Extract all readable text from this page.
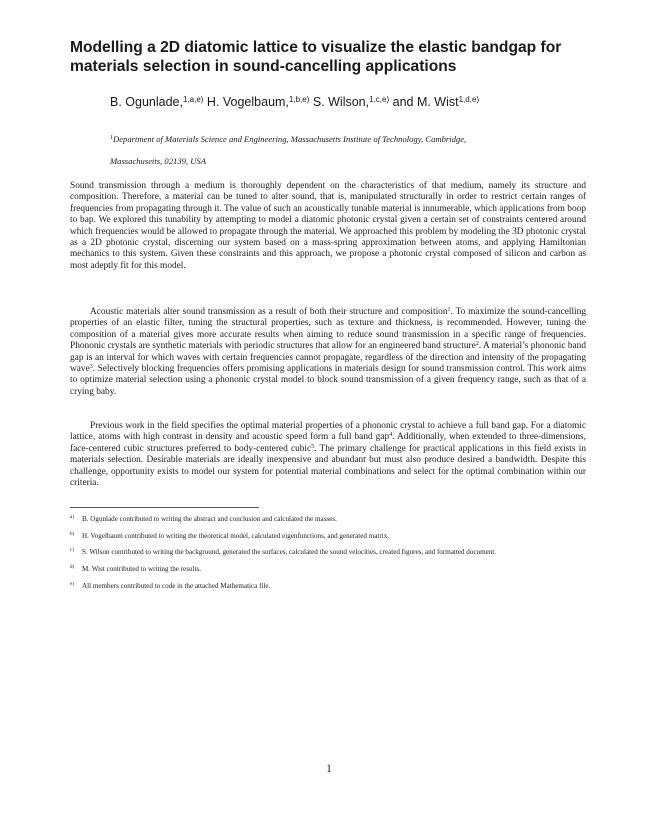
Modelling a 2D diatomic lattice to visualize the elastic bandgap for materials selection in sound-cancelling applications
B. Ogunlade,$^{1,a,e)}$ H. Vogelbaum,$^{1,b,e)}$ S. Wilson,$^{1,c,e)}$ and M. Wist$^{1,d,e)}$
$^1$Department of Materials Science and Engineering, Massachusetts Institute of Technology, Cambridge,
Massachusetts, 02139, USA

Sound transmission through a medium is thoroughly dependent on the characteristics of that medium, namely its structure and composition. Therefore, a material can be tuned to alter sound, that is, manipulated structurally in order to restrict certain ranges of frequencies from propagating through it. The value of such an acoustically tunable material is innumerable, which applications from boop to bap. We explored this tunability by attempting to model a diatomic photonic crystal given a certain set of constraints centered around which frequencies would be allowed to propagate through the material. We approached this problem by modeling the 3D photonic crystal as a 2D photonic crystal, discerning our system based on a mass-spring approximation between atoms, and applying Hamiltonian mechanics to this system. Given these constraints and this approach, we propose a photonic crystal composed of silicon and carbon as most adeptly fit for this model.

Acoustic materials alter sound transmission as a result of both their structure and composition$^1$. To maximize the sound-cancelling properties of an elastic filter, tuning the structural properties, such as texture and thickness, is recommended. However, tuning the composition of a material gives more accurate results when aiming to reduce sound transmission in a specific range of frequencies. Phononic crystals are synthetic materials with periodic structures that allow for an engineered band structure$^2$. A material’s phononic band gap is an interval for which waves with certain frequencies cannot propagate, regardless of the direction and intensity of the propagating wave$^3$. Selectively blocking frequencies offers promising applications in materials design for sound transmission control. This work aims to optimize material selection using a phononic crystal model to block sound transmission of a given frequency range, such as that of a crying baby.

Previous work in the field specifies the optimal material properties of a phononic crystal to achieve a full band gap. For a diatomic lattice, atoms with high contrast in density and acoustic speed form a full band gap$^4$. Additionally, when extended to three-dimensions, face-centered cubic structures preferred to body-centered cubic$^5$. The primary challenge for practical applications in this field exists in materials selection. Desirable materials are ideally inexpensive and abundant but must also produce desired a bandwidth. Despite this challenge, opportunity exists to model our system for potential material combinations and select for the optimal combination within our criteria.

a) B. Ogunlade contributed to writing the abstract and conclusion and calculated the masses.
b) H. Vogelbaum contributed to writing the theoretical model, calculated eigenfunctions, and generated matrix.
c) S. Wilson contributed to writing the background, generated the surfaces, calculated the sound velocities, created figures, and formatted document.
d) M. Wist contributed to writing the results.
e) All members contributed to code in the attached Mathematica file.
1
